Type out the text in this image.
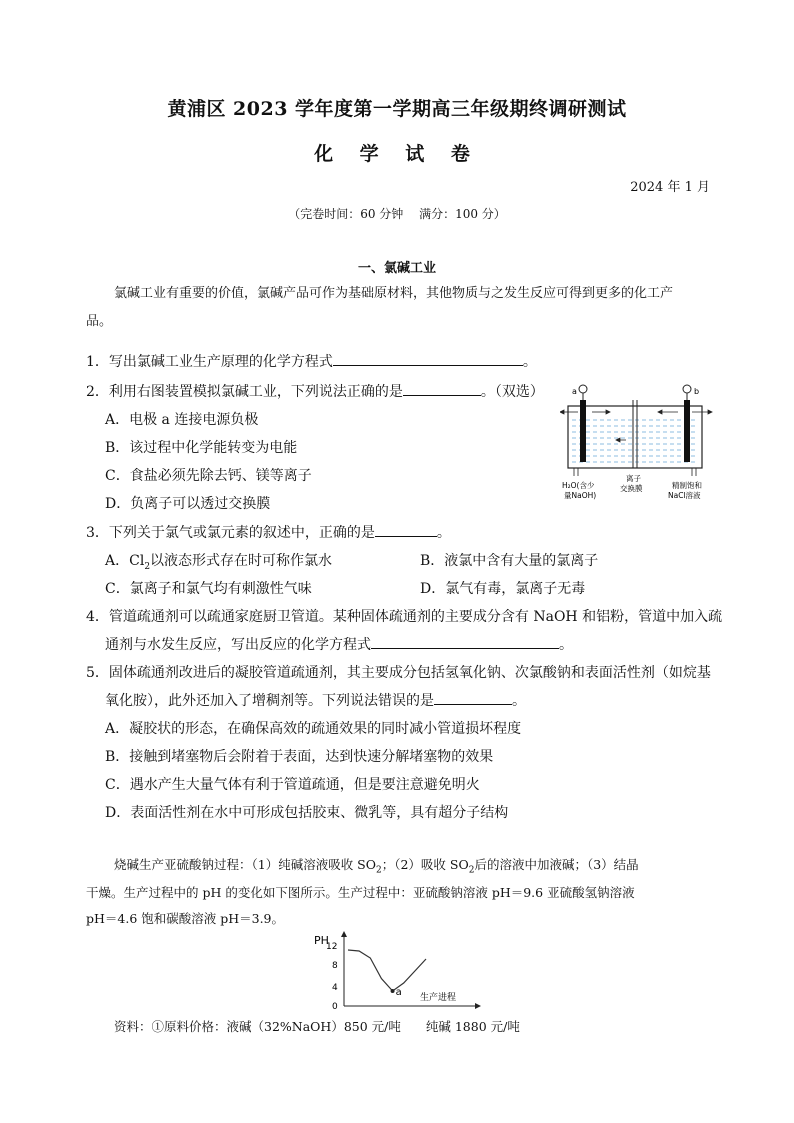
黄浦区 2023 学年度第一学期高三年级期终调研测试
化 学 试 卷
2024 年 1 月
（完卷时间：60 分钟　 满分：100 分）
一、氯碱工业
氯碱工业有重要的价值，氯碱产品可作为基础原材料，其他物质与之发生反应可得到更多的化工产
品。
1．写出氯碱工业生产原理的化学方程式	。
2．利用右图装置模拟氯碱工业，下列说法正确的是	。（双选）
A．电极 a 连接电源负极
B．该过程中化学能转变为电能
C．食盐必须先除去钙、镁等离子
D．负离子可以透过交换膜
a	b
H₂O(含少
量NaOH)
离子
交换膜	精制饱和
NaCl溶液
3．下列关于氯气或氯元素的叙述中，正确的是	。
A．$Cl_2$以液态形式存在时可称作氯水	B．液氯中含有大量的氯离子
C．氯离子和氯气均有刺激性气味	D．氯气有毒，氯离子无毒
4．管道疏通剂可以疏通家庭厨卫管道。某种固体疏通剂的主要成分含有 NaOH 和铝粉，管道中加入疏
通剂与水发生反应，写出反应的化学方程式	。
5．固体疏通剂改进后的凝胶管道疏通剂，其主要成分包括氢氧化钠、次氯酸钠和表面活性剂（如烷基
氧化胺），此外还加入了增稠剂等。下列说法错误的是	。
A．凝胶状的形态，在确保高效的疏通效果的同时减小管道损坏程度
B．接触到堵塞物后会附着于表面，达到快速分解堵塞物的效果
C．遇水产生大量气体有利于管道疏通，但是要注意避免明火
D．表面活性剂在水中可形成包括胶束、微乳等，具有超分子结构
烧碱生产亚硫酸钠过程：（1）纯碱溶液吸收 $SO_2$；（2）吸收 $SO_2$后的溶液中加液碱；（3）结晶
干燥。生产过程中的 pH 的变化如下图所示。生产过程中：亚硫酸钠溶液 pH＝9.6 亚硫酸氢钠溶液
pH＝4.6 饱和碳酸溶液 pH＝3.9。
PH
12
8
4
0
a 生产进程
资料：①原料价格：液碱（32%NaOH）850 元/吨　　纯碱 1880 元/吨
